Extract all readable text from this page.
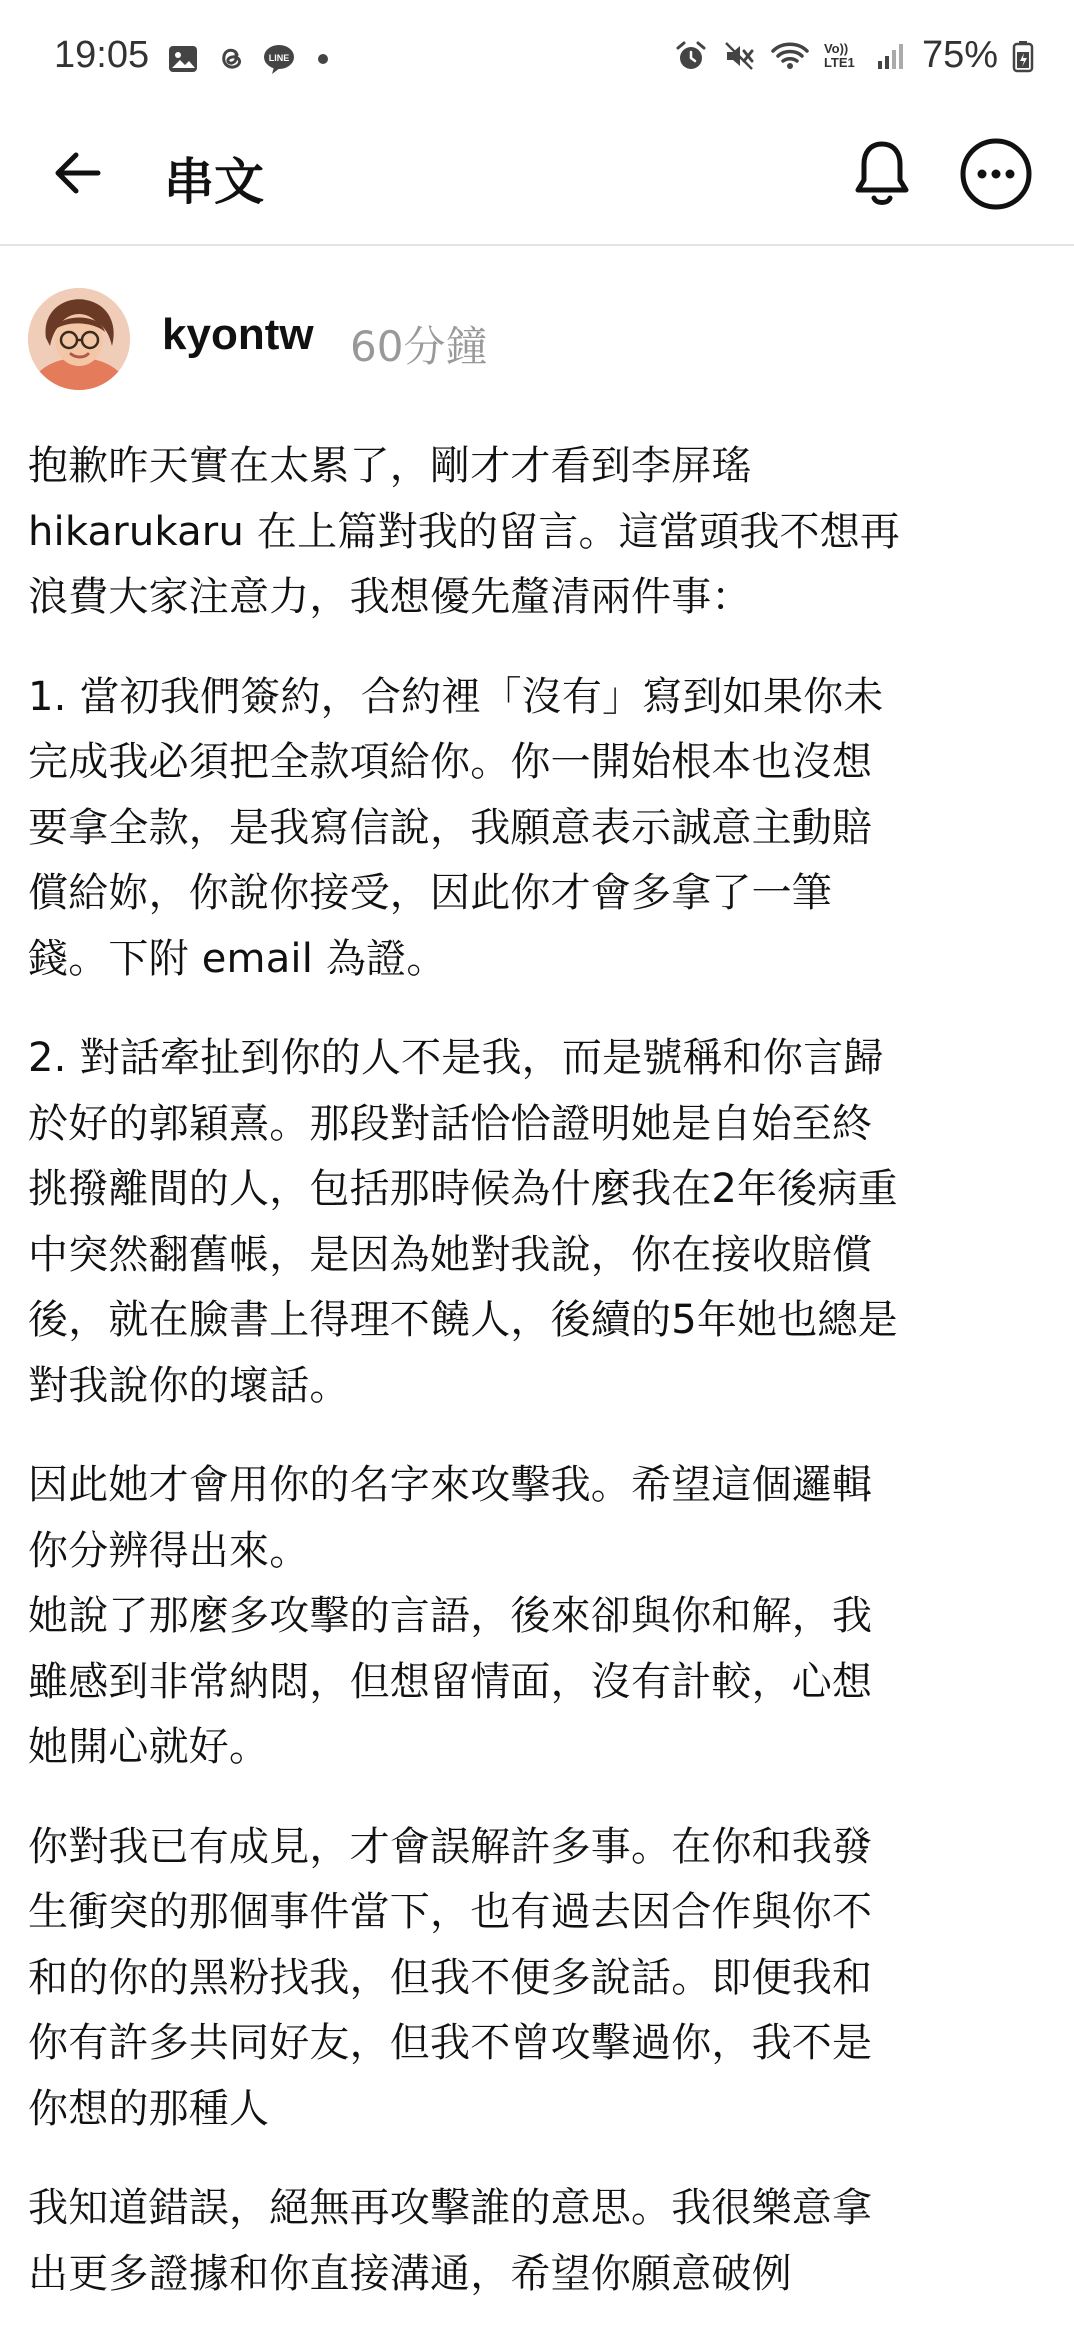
19:05	LINE
Vo)) LTE1 75%
串文
kyontw 60分鐘

抱歉昨天實在太累了，剛才才看到李屏瑤
hikarukaru 在上篇對我的留言。這當頭我不想再
浪費大家注意力，我想優先釐清兩件事：

1. 當初我們簽約，合約裡「沒有」寫到如果你未
完成我必須把全款項給你。你一開始根本也沒想
要拿全款，是我寫信說，我願意表示誠意主動賠
償給妳，你說你接受，因此你才會多拿了一筆
錢。下附 email 為證。

2. 對話牽扯到你的人不是我，而是號稱和你言歸
於好的郭穎熹。那段對話恰恰證明她是自始至終
挑撥離間的人，包括那時候為什麼我在2年後病重
中突然翻舊帳，是因為她對我說，你在接收賠償
後，就在臉書上得理不饒人，後續的5年她也總是
對我說你的壞話。

因此她才會用你的名字來攻擊我。希望這個邏輯
你分辨得出來。
她說了那麼多攻擊的言語，後來卻與你和解，我
雖感到非常納悶，但想留情面，沒有計較，心想
她開心就好。

你對我已有成見，才會誤解許多事。在你和我發
生衝突的那個事件當下，也有過去因合作與你不
和的你的黑粉找我，但我不便多說話。即便我和
你有許多共同好友，但我不曾攻擊過你，我不是
你想的那種人

我知道錯誤，絕無再攻擊誰的意思。我很樂意拿
出更多證據和你直接溝通，希望你願意破例
